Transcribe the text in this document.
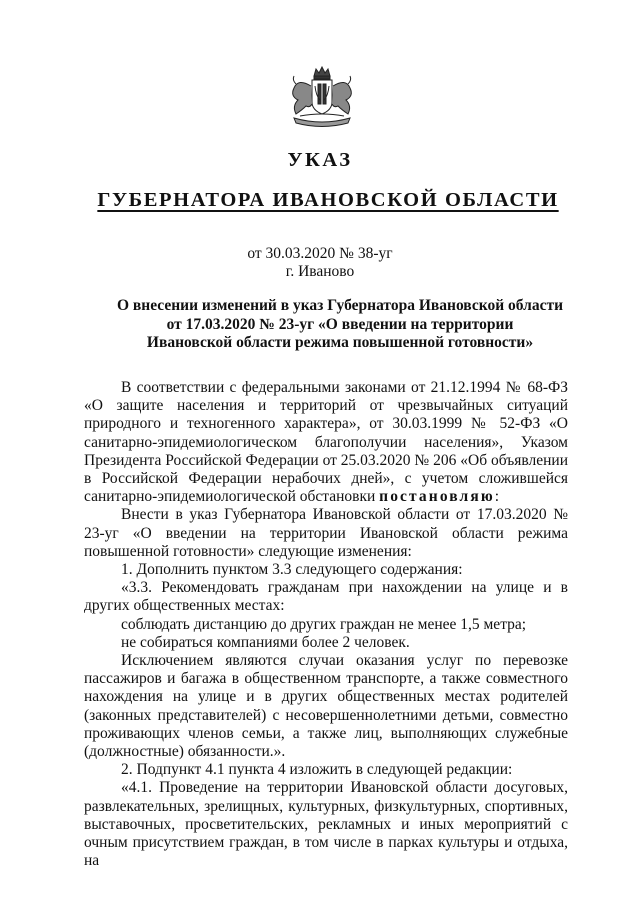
УКАЗ
ГУБЕРНАТОРА ИВАНОВСКОЙ ОБЛАСТИ
от 30.03.2020 № 38-уг
г. Иваново
О внесении изменений в указ Губернатора Ивановской области
от 17.03.2020 № 23-уг «О введении на территории
Ивановской области режима повышенной готовности»

В соответствии с федеральными законами от 21.12.1994 № 68-ФЗ «О защите населения и территорий от чрезвычайных ситуаций природного и техногенного характера», от 30.03.1999 № 52-ФЗ «О санитарно-эпидемиологическом благополучии населения», Указом Президента Российской Федерации от 25.03.2020 № 206 «Об объявлении в Российской Федерации нерабочих дней», с учетом сложившейся санитарно-эпидемиологической обстановки постановляю:

Внести в указ Губернатора Ивановской области от 17.03.2020 № 23-уг «О введении на территории Ивановской области режима повышенной готовности» следующие изменения:

1. Дополнить пунктом 3.3 следующего содержания:

«3.3. Рекомендовать гражданам при нахождении на улице и в других общественных местах:

соблюдать дистанцию до других граждан не менее 1,5 метра;

не собираться компаниями более 2 человек.

Исключением являются случаи оказания услуг по перевозке пассажиров и багажа в общественном транспорте, а также совместного нахождения на улице и в других общественных местах родителей (законных представителей) с несовершеннолетними детьми, совместно проживающих членов семьи, а также лиц, выполняющих служебные (должностные) обязанности.».

2. Подпункт 4.1 пункта 4 изложить в следующей редакции:

«4.1. Проведение на территории Ивановской области досуговых, развлекательных, зрелищных, культурных, физкультурных, спортивных, выставочных, просветительских, рекламных и иных мероприятий с очным присутствием граждан, в том числе в парках культуры и отдыха, на
